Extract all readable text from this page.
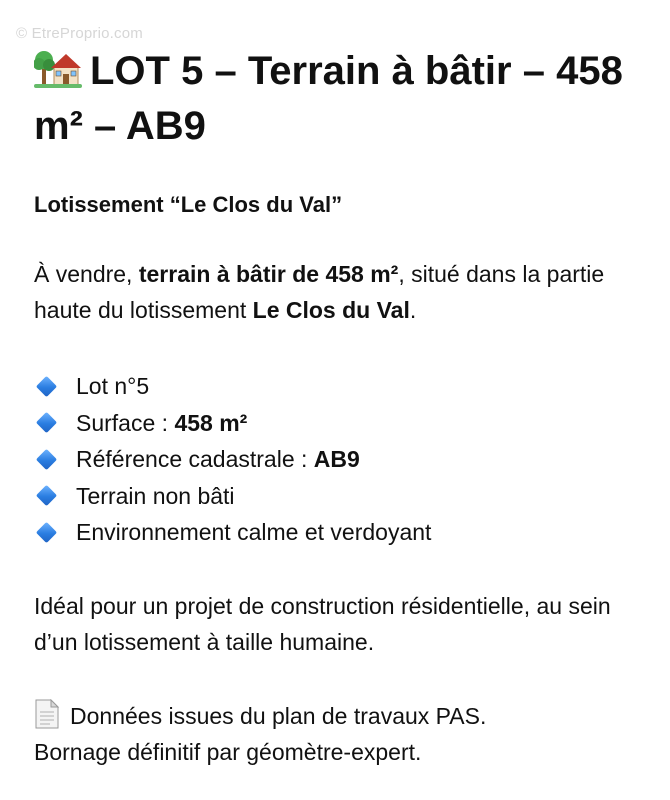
© EtreProprio.com
LOT 5 – Terrain à bâtir – 458 m² – AB9
Lotissement “Le Clos du Val”
À vendre, terrain à bâtir de 458 m², situé dans la partie haute du lotissement Le Clos du Val.
Lot n°5
Surface :
458 m²
Référence cadastrale :
AB9
Terrain non bâti
Environnement calme et verdoyant
Idéal pour un projet de construction résidentielle, au sein d’un lotissement à taille humaine.
Données issues du plan de travaux PAS.
Bornage définitif par géomètre-expert.
